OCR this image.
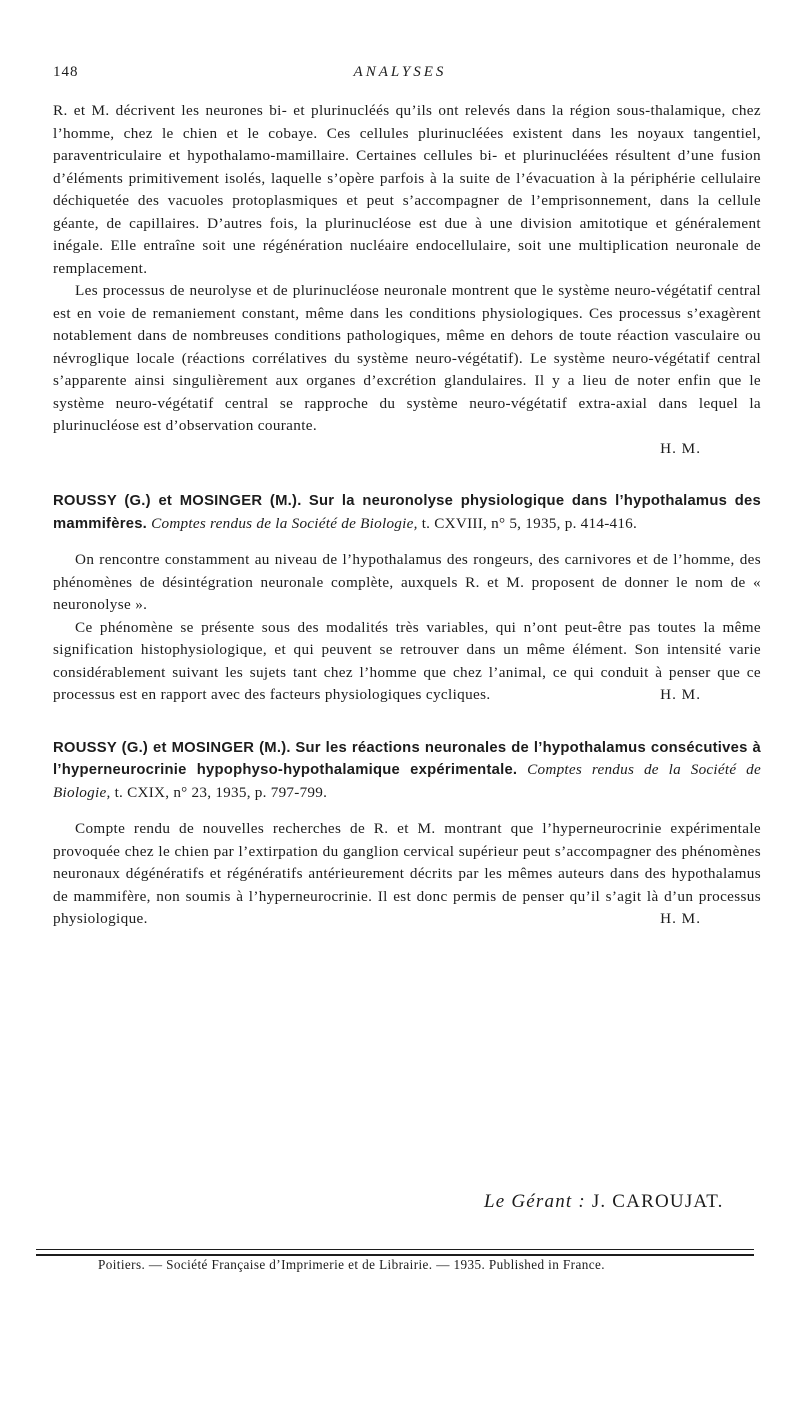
148	ANALYSES

R. et M. décrivent les neurones bi- et plurinucléés qu’ils ont relevés dans la région sous-thalamique, chez l’homme, chez le chien et le cobaye. Ces cellules plurinucléées existent dans les noyaux tangentiel, paraventriculaire et hypothalamo-mamillaire. Certaines cellules bi- et plurinucléées résultent d’une fusion d’éléments primitivement isolés, laquelle s’opère parfois à la suite de l’évacuation à la périphérie cellulaire déchiquetée des vacuoles protoplasmiques et peut s’accompagner de l’emprisonnement, dans la cellule géante, de capillaires. D’autres fois, la plurinucléose est due à une division amitotique et généralement inégale. Elle entraîne soit une régénération nucléaire endocellulaire, soit une multiplication neuronale de remplacement.

Les processus de neurolyse et de plurinucléose neuronale montrent que le système neuro-végétatif central est en voie de remaniement constant, même dans les conditions physiologiques. Ces processus s’exagèrent notablement dans de nombreuses conditions pathologiques, même en dehors de toute réaction vasculaire ou névroglique locale (réactions corrélatives du système neuro-végétatif). Le système neuro-végétatif central s’apparente ainsi singulièrement aux organes d’excrétion glandulaires. Il y a lieu de noter enfin que le système neuro-végétatif central se rapproche du système neuro-végétatif extra-axial dans lequel la plurinucléose est d’observation courante.

H. M.
ROUSSY (G.) et MOSINGER (M.). Sur la neuronolyse physiologique dans l’hypothalamus des mammifères. Comptes rendus de la Société de Biologie, t. CXVIII, n° 5, 1935, p. 414-416.

On rencontre constamment au niveau de l’hypothalamus des rongeurs, des carnivores et de l’homme, des phénomènes de désintégration neuronale complète, auxquels R. et M. proposent de donner le nom de « neuronolyse ».

Ce phénomène se présente sous des modalités très variables, qui n’ont peut-être pas toutes la même signification histophysiologique, et qui peuvent se retrouver dans un même élément. Son intensité varie considérablement suivant les sujets tant chez l’homme que chez l’animal, ce qui conduit à penser que ce processus est en rapport avec des facteurs physiologiques cycliques.	H. M.

ROUSSY (G.) et MOSINGER (M.). Sur les réactions neuronales de l’hypothalamus consécutives à l’hyperneurocrinie hypophyso-hypothalamique expérimentale. Comptes rendus de la Société de Biologie, t. CXIX, n° 23, 1935, p. 797-799.

Compte rendu de nouvelles recherches de R. et M. montrant que l’hyperneurocrinie expérimentale provoquée chez le chien par l’extirpation du ganglion cervical supérieur peut s’accompagner des phénomènes neuronaux dégénératifs et régénératifs antérieurement décrits par les mêmes auteurs dans des hypothalamus de mammifère, non soumis à l’hyperneurocrinie. Il est donc permis de penser qu’il s’agit là d’un processus physiologique.	H. M.

Le Gérant : J. CAROUJAT.
Poitiers. — Société Française d’Imprimerie et de Librairie. — 1935. Published in France.
